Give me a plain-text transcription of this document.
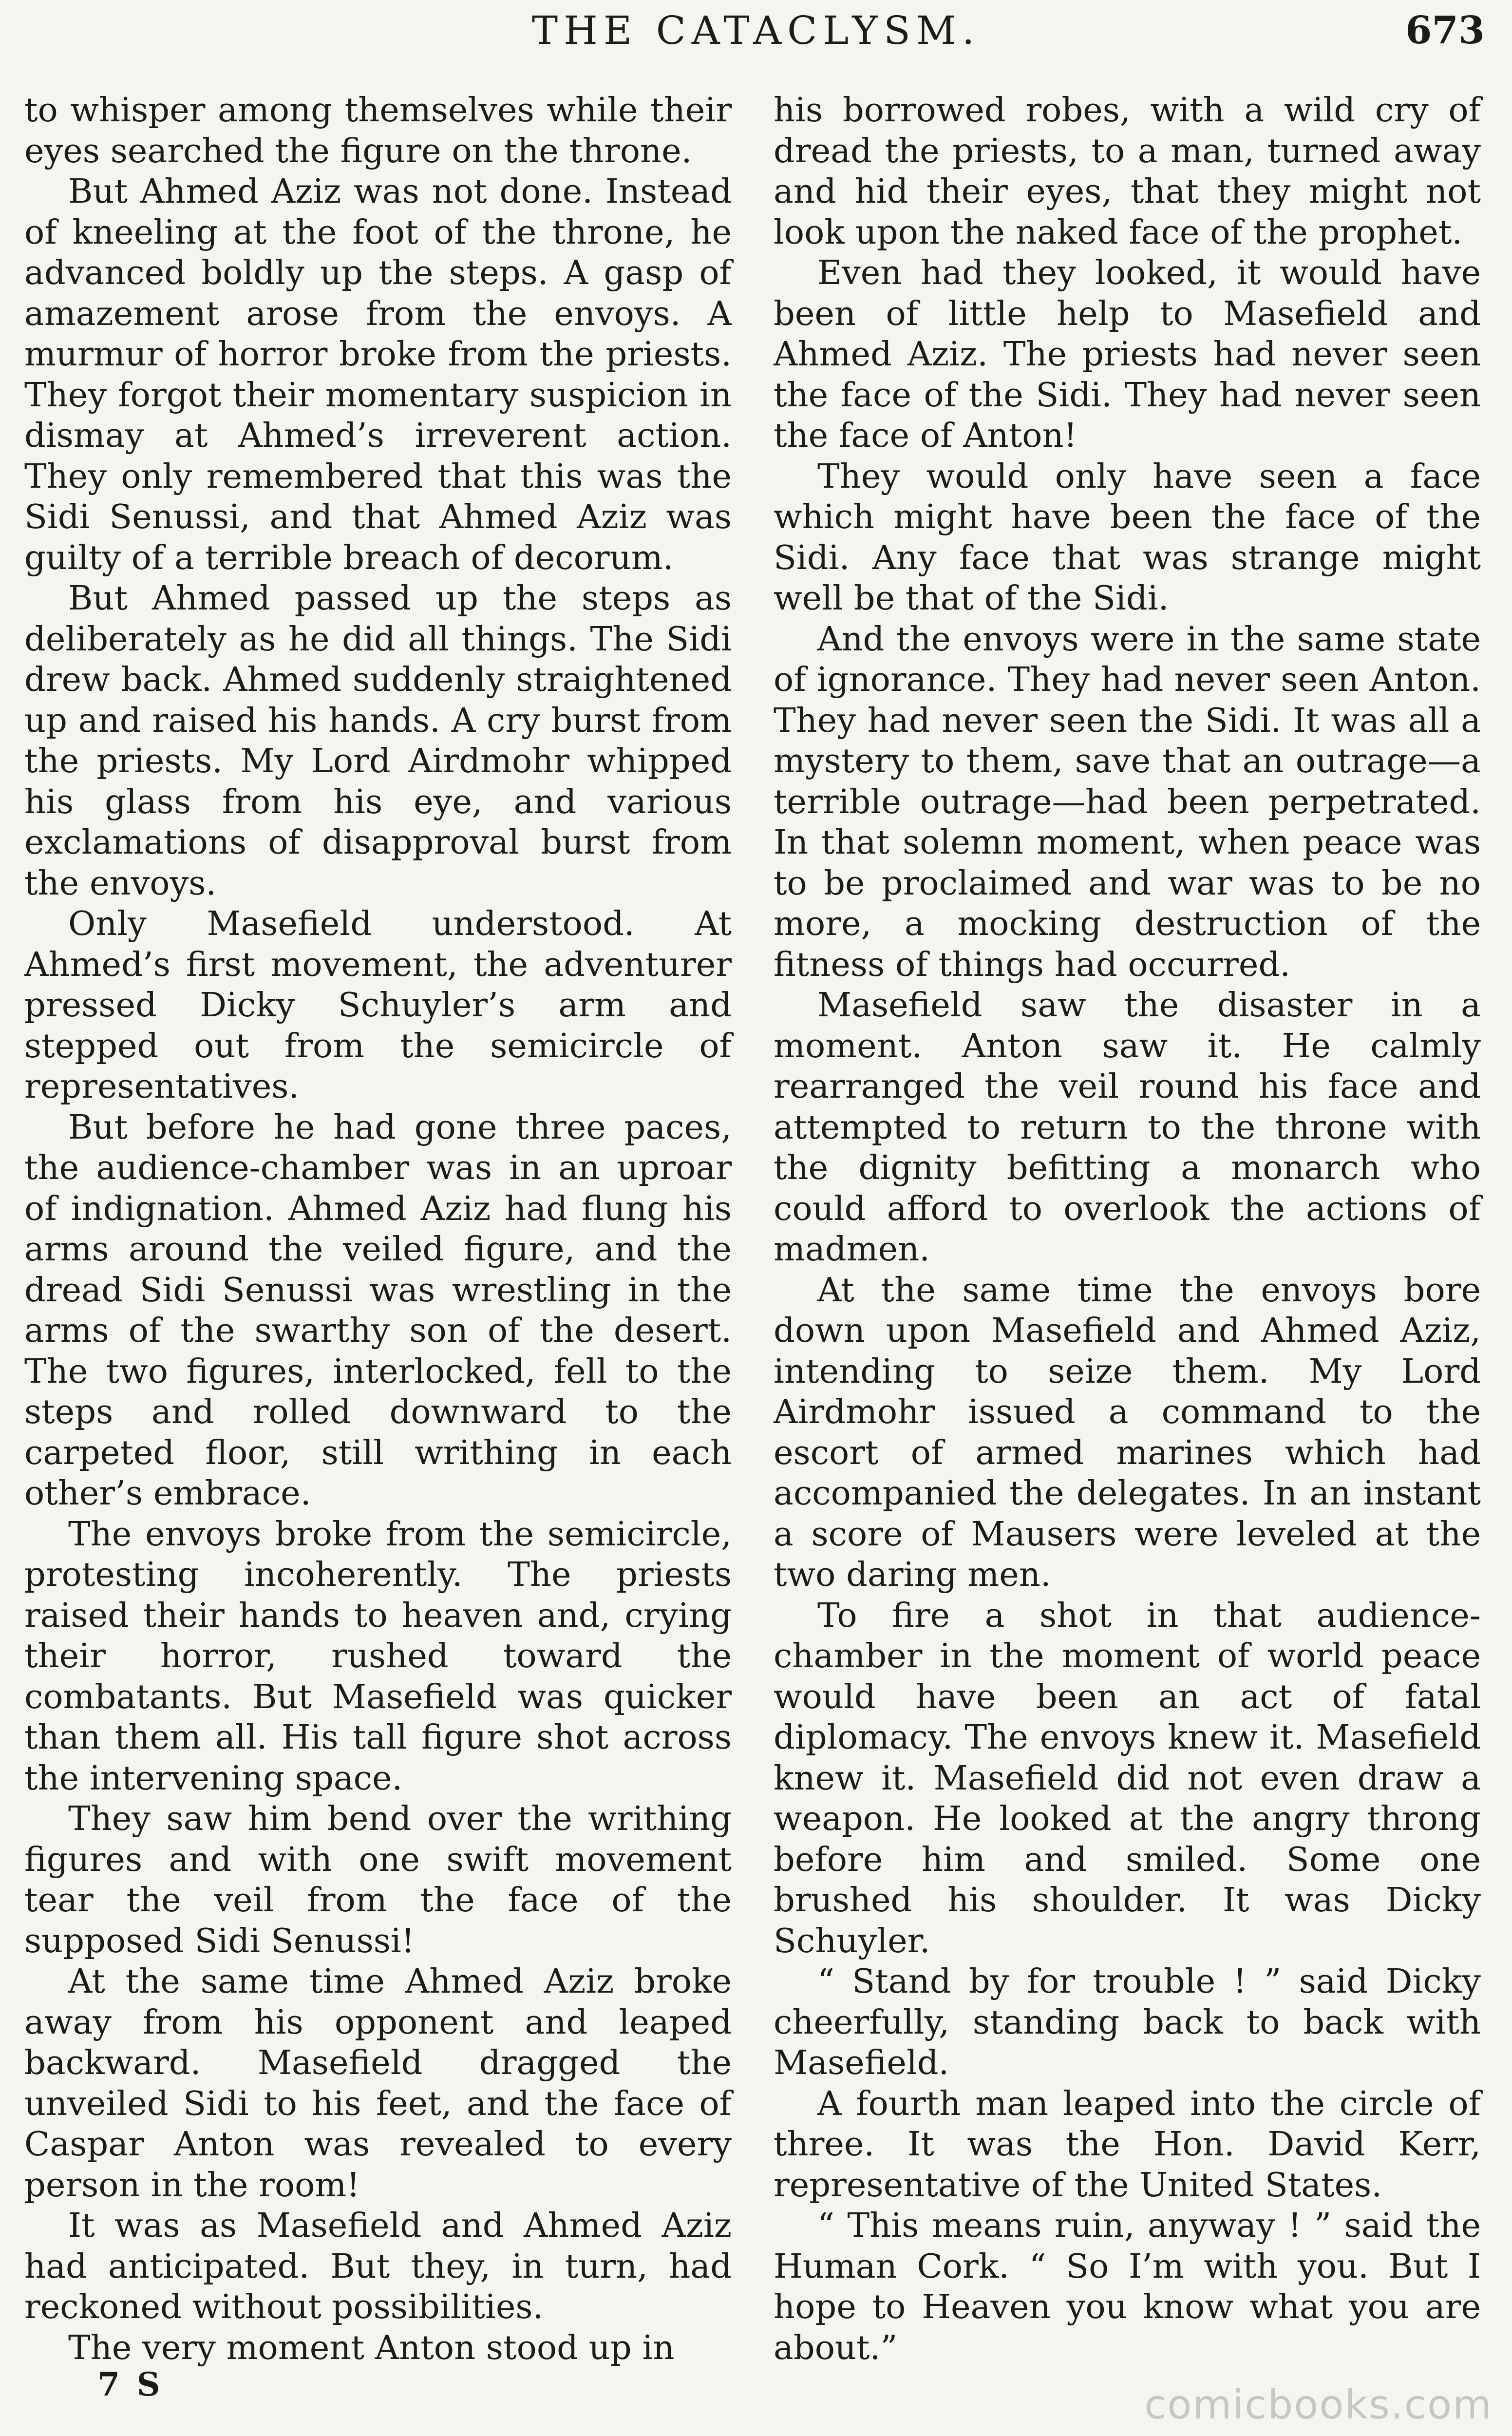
THE CATACLYSM.	673

to whisper among themselves while their eyes searched the figure on the throne.

But Ahmed Aziz was not done. Instead of kneeling at the foot of the throne, he advanced boldly up the steps. A gasp of amazement arose from the envoys. A murmur of horror broke from the priests. They forgot their momentary suspicion in dismay at Ahmed’s irreverent action. They only remembered that this was the Sidi Senussi, and that Ahmed Aziz was guilty of a terrible breach of decorum.

But Ahmed passed up the steps as deliberately as he did all things. The Sidi drew back. Ahmed suddenly straightened up and raised his hands. A cry burst from the priests. My Lord Airdmohr whipped his glass from his eye, and various exclamations of disapproval burst from the envoys.

Only Masefield understood. At Ahmed’s first movement, the adventurer pressed Dicky Schuyler’s arm and stepped out from the semicircle of representatives.

But before he had gone three paces, the audience-chamber was in an uproar of indignation. Ahmed Aziz had flung his arms around the veiled figure, and the dread Sidi Senussi was wrestling in the arms of the swarthy son of the desert. The two figures, interlocked, fell to the steps and rolled downward to the carpeted floor, still writhing in each other’s embrace.

The envoys broke from the semicircle, protesting incoherently. The priests raised their hands to heaven and, crying their horror, rushed toward the combatants. But Masefield was quicker than them all. His tall figure shot across the intervening space.

They saw him bend over the writhing figures and with one swift movement tear the veil from the face of the supposed Sidi Senussi!

At the same time Ahmed Aziz broke away from his opponent and leaped backward. Masefield dragged the unveiled Sidi to his feet, and the face of Caspar Anton was revealed to every person in the room!

It was as Masefield and Ahmed Aziz had anticipated. But they, in turn, had reckoned without possibilities.

The very moment Anton stood up in

his borrowed robes, with a wild cry of dread the priests, to a man, turned away and hid their eyes, that they might not look upon the naked face of the prophet.

Even had they looked, it would have been of little help to Masefield and Ahmed Aziz. The priests had never seen the face of the Sidi. They had never seen the face of Anton!

They would only have seen a face which might have been the face of the Sidi. Any face that was strange might well be that of the Sidi.

And the envoys were in the same state of ignorance. They had never seen Anton. They had never seen the Sidi. It was all a mystery to them, save that an outrage—a terrible outrage—had been perpetrated. In that solemn moment, when peace was to be proclaimed and war was to be no more, a mocking destruction of the fitness of things had occurred.

Masefield saw the disaster in a moment. Anton saw it. He calmly rearranged the veil round his face and attempted to return to the throne with the dignity befitting a monarch who could afford to overlook the actions of madmen.

At the same time the envoys bore down upon Masefield and Ahmed Aziz, intending to seize them. My Lord Airdmohr issued a command to the escort of armed marines which had accompanied the delegates. In an instant a score of Mausers were leveled at the two daring men.

To fire a shot in that audience-chamber in the moment of world peace would have been an act of fatal diplomacy. The envoys knew it. Masefield knew it. Masefield did not even draw a weapon. He looked at the angry throng before him and smiled. Some one brushed his shoulder. It was Dicky Schuyler.

“ Stand by for trouble ! ” said Dicky cheerfully, standing back to back with Masefield.

A fourth man leaped into the circle of three. It was the Hon. David Kerr, representative of the United States.

“ This means ruin, anyway ! ” said the Human Cork. “ So I’m with you. But I hope to Heaven you know what you are about.”

7 S	comicbooks.com
